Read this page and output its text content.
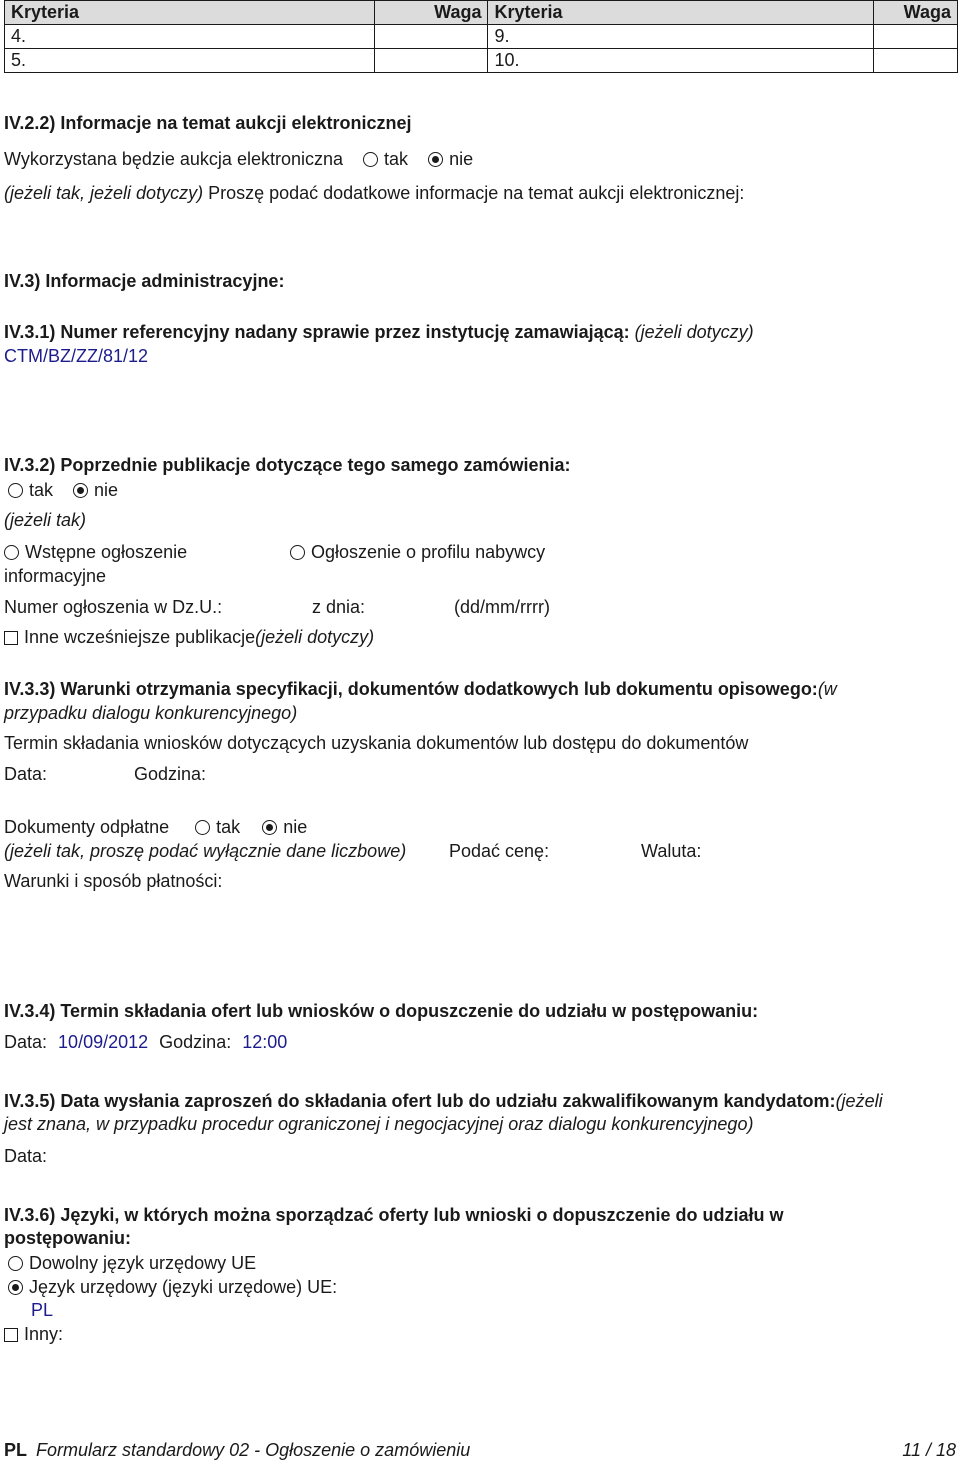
Kryteria	Waga	Kryteria	Waga
4.		9.	
5.		10.	
IV.2.2) Informacje na temat aukcji elektronicznej
Wykorzystana będzie aukcja elektroniczna tak nie
(jeżeli tak, jeżeli dotyczy) Proszę podać dodatkowe informacje na temat aukcji elektronicznej:
IV.3) Informacje administracyjne:
IV.3.1) Numer referencyjny nadany sprawie przez instytucję zamawiającą: (jeżeli dotyczy)
CTM/BZ/ZZ/81/12
IV.3.2) Poprzednie publikacje dotyczące tego samego zamówienia:
tak nie
(jeżeli tak)
Wstępne ogłoszenie
informacyjne
Ogłoszenie o profilu nabywcy
Numer ogłoszenia w Dz.U.:	z dnia:	(dd/mm/rrrr)
Inne wcześniejsze publikacje(jeżeli dotyczy)
IV.3.3) Warunki otrzymania specyfikacji, dokumentów dodatkowych lub dokumentu opisowego:(w
przypadku dialogu konkurencyjnego)
Termin składania wniosków dotyczących uzyskania dokumentów lub dostępu do dokumentów
Data:	Godzina:
Dokumenty odpłatne	tak nie
(jeżeli tak, proszę podać wyłącznie dane liczbowe) Podać cenę:	Waluta:
Warunki i sposób płatności:
IV.3.4) Termin składania ofert lub wniosków o dopuszczenie do udziału w postępowaniu:
Data: 10/09/2012 Godzina: 12:00
IV.3.5) Data wysłania zaproszeń do składania ofert lub do udziału zakwalifikowanym kandydatom:(jeżeli
jest znana, w przypadku procedur ograniczonej i negocjacyjnej oraz dialogu konkurencyjnego)
Data:
IV.3.6) Języki, w których można sporządzać oferty lub wnioski o dopuszczenie do udziału w
postępowaniu:
Dowolny język urzędowy UE
Język urzędowy (języki urzędowe) UE:
PL
Inny:
PL Formularz standardowy 02 - Ogłoszenie o zamówieniu	11 / 18
